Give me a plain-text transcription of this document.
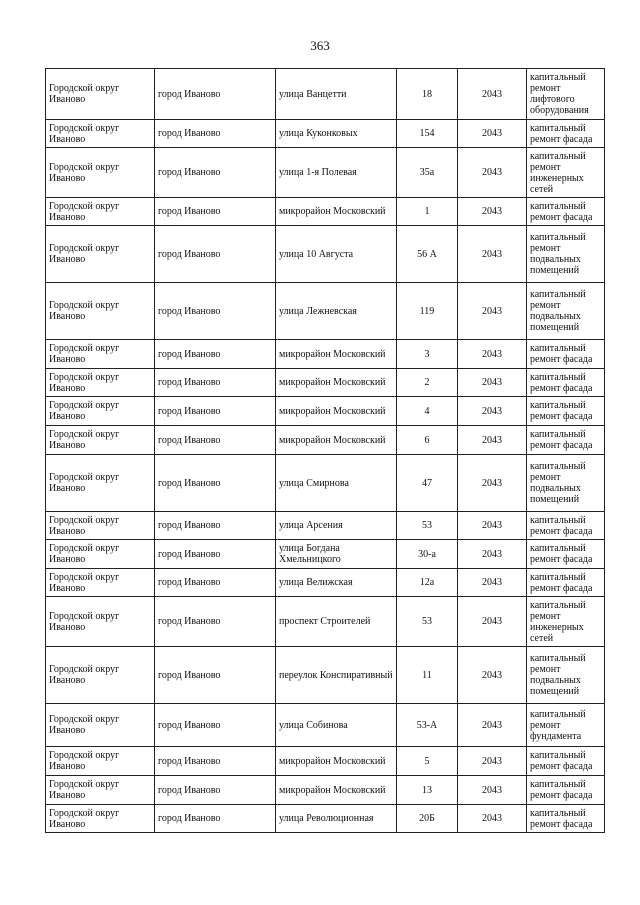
363
Городской округ Иваново	город Иваново	улица Ванцетти	18	2043	капитальный ремонт лифтового оборудования
Городской округ Иваново	город Иваново	улица Куконковых	154	2043	капитальный ремонт фасада
Городской округ Иваново	город Иваново	улица 1-я Полевая	35а	2043	капитальный ремонт инженерных сетей
Городской округ Иваново	город Иваново	микрорайон Московский	1	2043	капитальный ремонт фасада
Городской округ Иваново	город Иваново	улица 10 Августа	56 А	2043	капитальный ремонт подвальных помещений
Городской округ Иваново	город Иваново	улица Лежневская	119	2043	капитальный ремонт подвальных помещений
Городской округ Иваново	город Иваново	микрорайон Московский	3	2043	капитальный ремонт фасада
Городской округ Иваново	город Иваново	микрорайон Московский	2	2043	капитальный ремонт фасада
Городской округ Иваново	город Иваново	микрорайон Московский	4	2043	капитальный ремонт фасада
Городской округ Иваново	город Иваново	микрорайон Московский	6	2043	капитальный ремонт фасада
Городской округ Иваново	город Иваново	улица Смирнова	47	2043	капитальный ремонт подвальных помещений
Городской округ Иваново	город Иваново	улица Арсения	53	2043	капитальный ремонт фасада
Городской округ Иваново	город Иваново	улица Богдана Хмельницкого	30-а	2043	капитальный ремонт фасада
Городской округ Иваново	город Иваново	улица Велижская	12а	2043	капитальный ремонт фасада
Городской округ Иваново	город Иваново	проспект Строителей	53	2043	капитальный ремонт инженерных сетей
Городской округ Иваново	город Иваново	переулок Конспиративный	11	2043	капитальный ремонт подвальных помещений
Городской округ Иваново	город Иваново	улица Собинова	53-А	2043	капитальный ремонт фундамента
Городской округ Иваново	город Иваново	микрорайон Московский	5	2043	капитальный ремонт фасада
Городской округ Иваново	город Иваново	микрорайон Московский	13	2043	капитальный ремонт фасада
Городской округ Иваново	город Иваново	улица Революционная	20Б	2043	капитальный ремонт фасада
